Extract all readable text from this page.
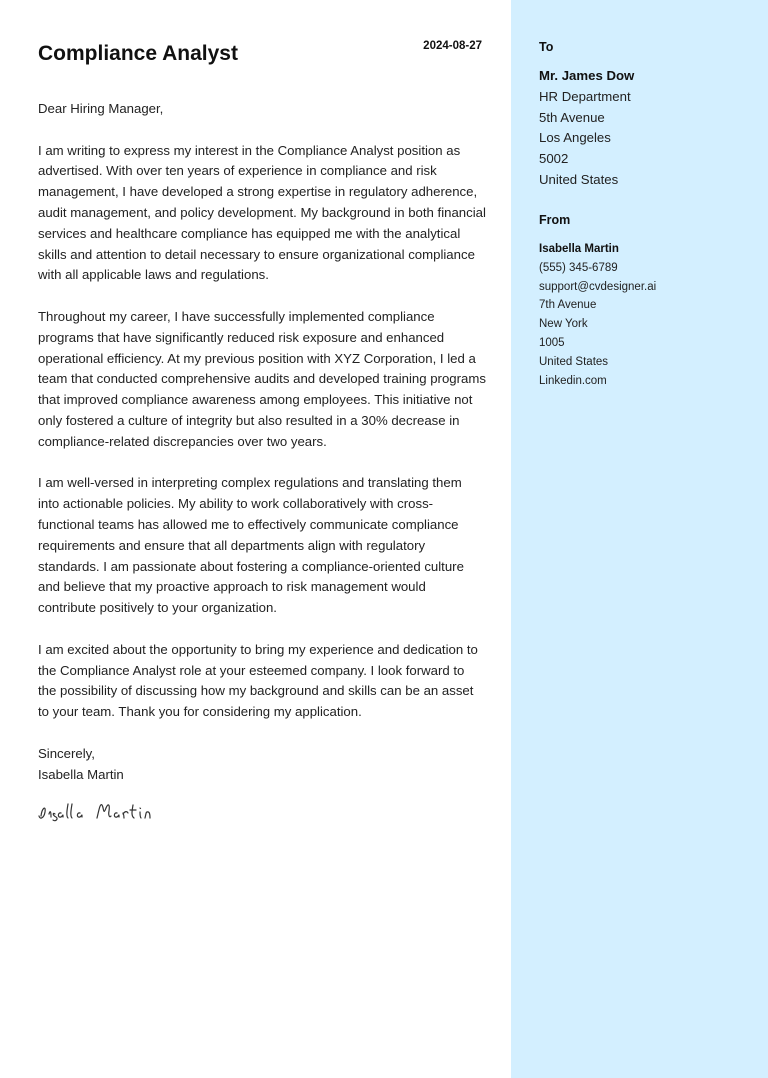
Compliance Analyst	2024-08-27

Dear Hiring Manager,

I am writing to express my interest in the Compliance Analyst position as advertised. With over ten years of experience in compliance and risk management, I have developed a strong expertise in regulatory adherence, audit management, and policy development. My background in both financial services and healthcare compliance has equipped me with the analytical skills and attention to detail necessary to ensure organizational compliance with all applicable laws and regulations.

Throughout my career, I have successfully implemented compliance programs that have significantly reduced risk exposure and enhanced operational efficiency. At my previous position with XYZ Corporation, I led a team that conducted comprehensive audits and developed training programs that improved compliance awareness among employees. This initiative not only fostered a culture of integrity but also resulted in a 30% decrease in compliance-related discrepancies over two years.

I am well-versed in interpreting complex regulations and translating them into actionable policies. My ability to work collaboratively with cross-functional teams has allowed me to effectively communicate compliance requirements and ensure that all departments align with regulatory standards. I am passionate about fostering a compliance-oriented culture and believe that my proactive approach to risk management would contribute positively to your organization.

I am excited about the opportunity to bring my experience and dedication to the Compliance Analyst role at your esteemed company. I look forward to the possibility of discussing how my background and skills can be an asset to your team. Thank you for considering my application.

Sincerely,

Isabella Martin

To
Mr. James Dow
HR Department
5th Avenue
Los Angeles
5002
United States
From
Isabella Martin
(555) 345-6789
support@cvdesigner.ai
7th Avenue
New York
1005
United States
Linkedin.com
